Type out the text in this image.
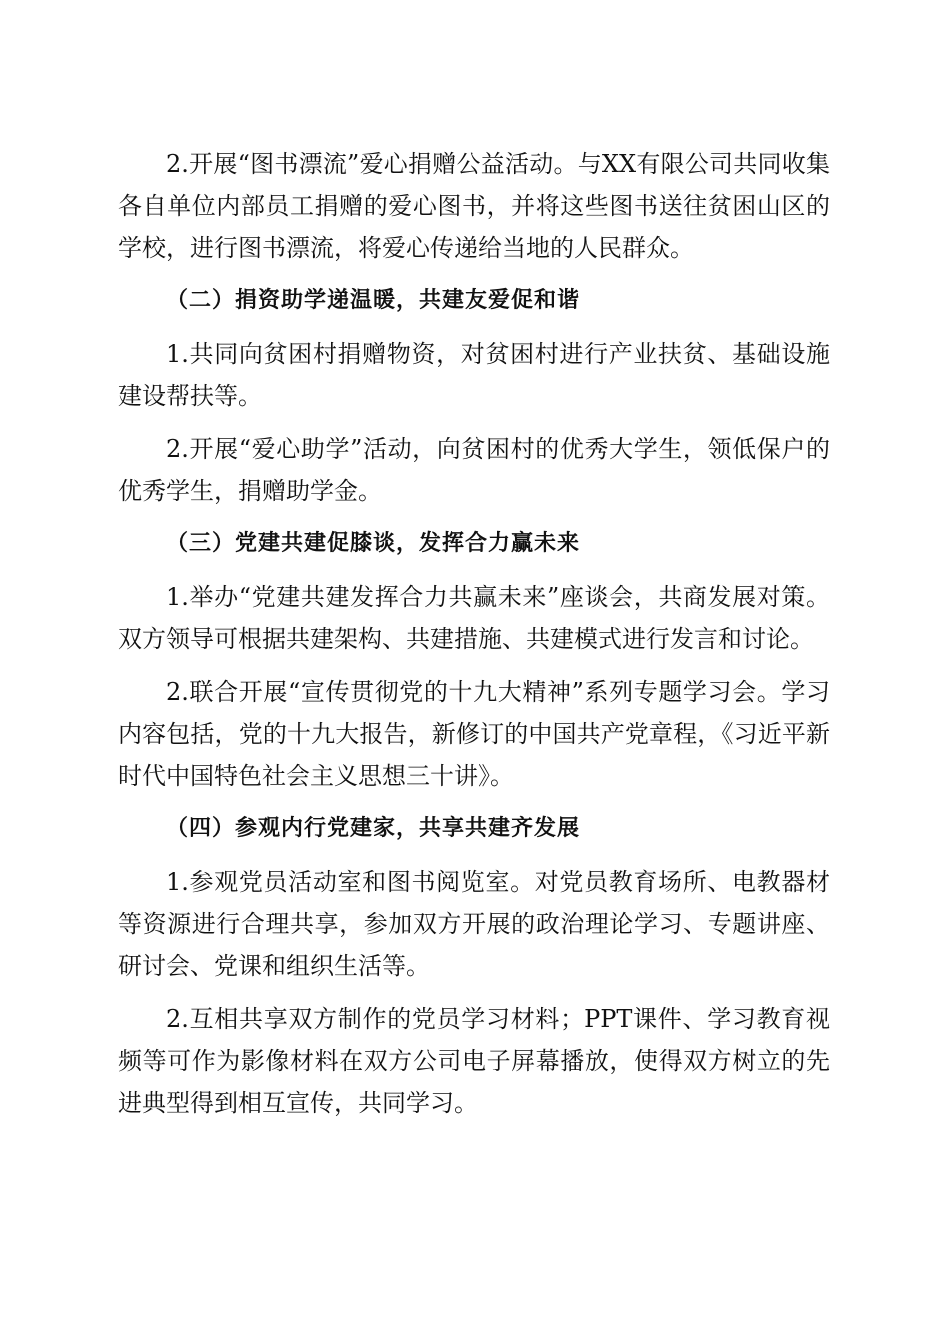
2.开展“图书漂流”爱心捐赠公益活动。与XX有限公司共同收集各自单位内部员工捐赠的爱心图书，并将这些图书送往贫困山区的学校，进行图书漂流，将爱心传递给当地的人民群众。

（二）捐资助学递温暖，共建友爱促和谐

1.共同向贫困村捐赠物资，对贫困村进行产业扶贫、基础设施建设帮扶等。

2.开展“爱心助学”活动，向贫困村的优秀大学生，领低保户的优秀学生，捐赠助学金。

（三）党建共建促膝谈，发挥合力赢未来

1.举办“党建共建发挥合力共赢未来”座谈会，共商发展对策。双方领导可根据共建架构、共建措施、共建模式进行发言和讨论。

2.联合开展“宣传贯彻党的十九大精神”系列专题学习会。学习内容包括，党的十九大报告，新修订的中国共产党章程，《习近平新时代中国特色社会主义思想三十讲》。

（四）参观内行党建家，共享共建齐发展

1.参观党员活动室和图书阅览室。对党员教育场所、电教器材等资源进行合理共享，参加双方开展的政治理论学习、专题讲座、研讨会、党课和组织生活等。

2.互相共享双方制作的党员学习材料；PPT课件、学习教育视频等可作为影像材料在双方公司电子屏幕播放，使得双方树立的先进典型得到相互宣传，共同学习。
